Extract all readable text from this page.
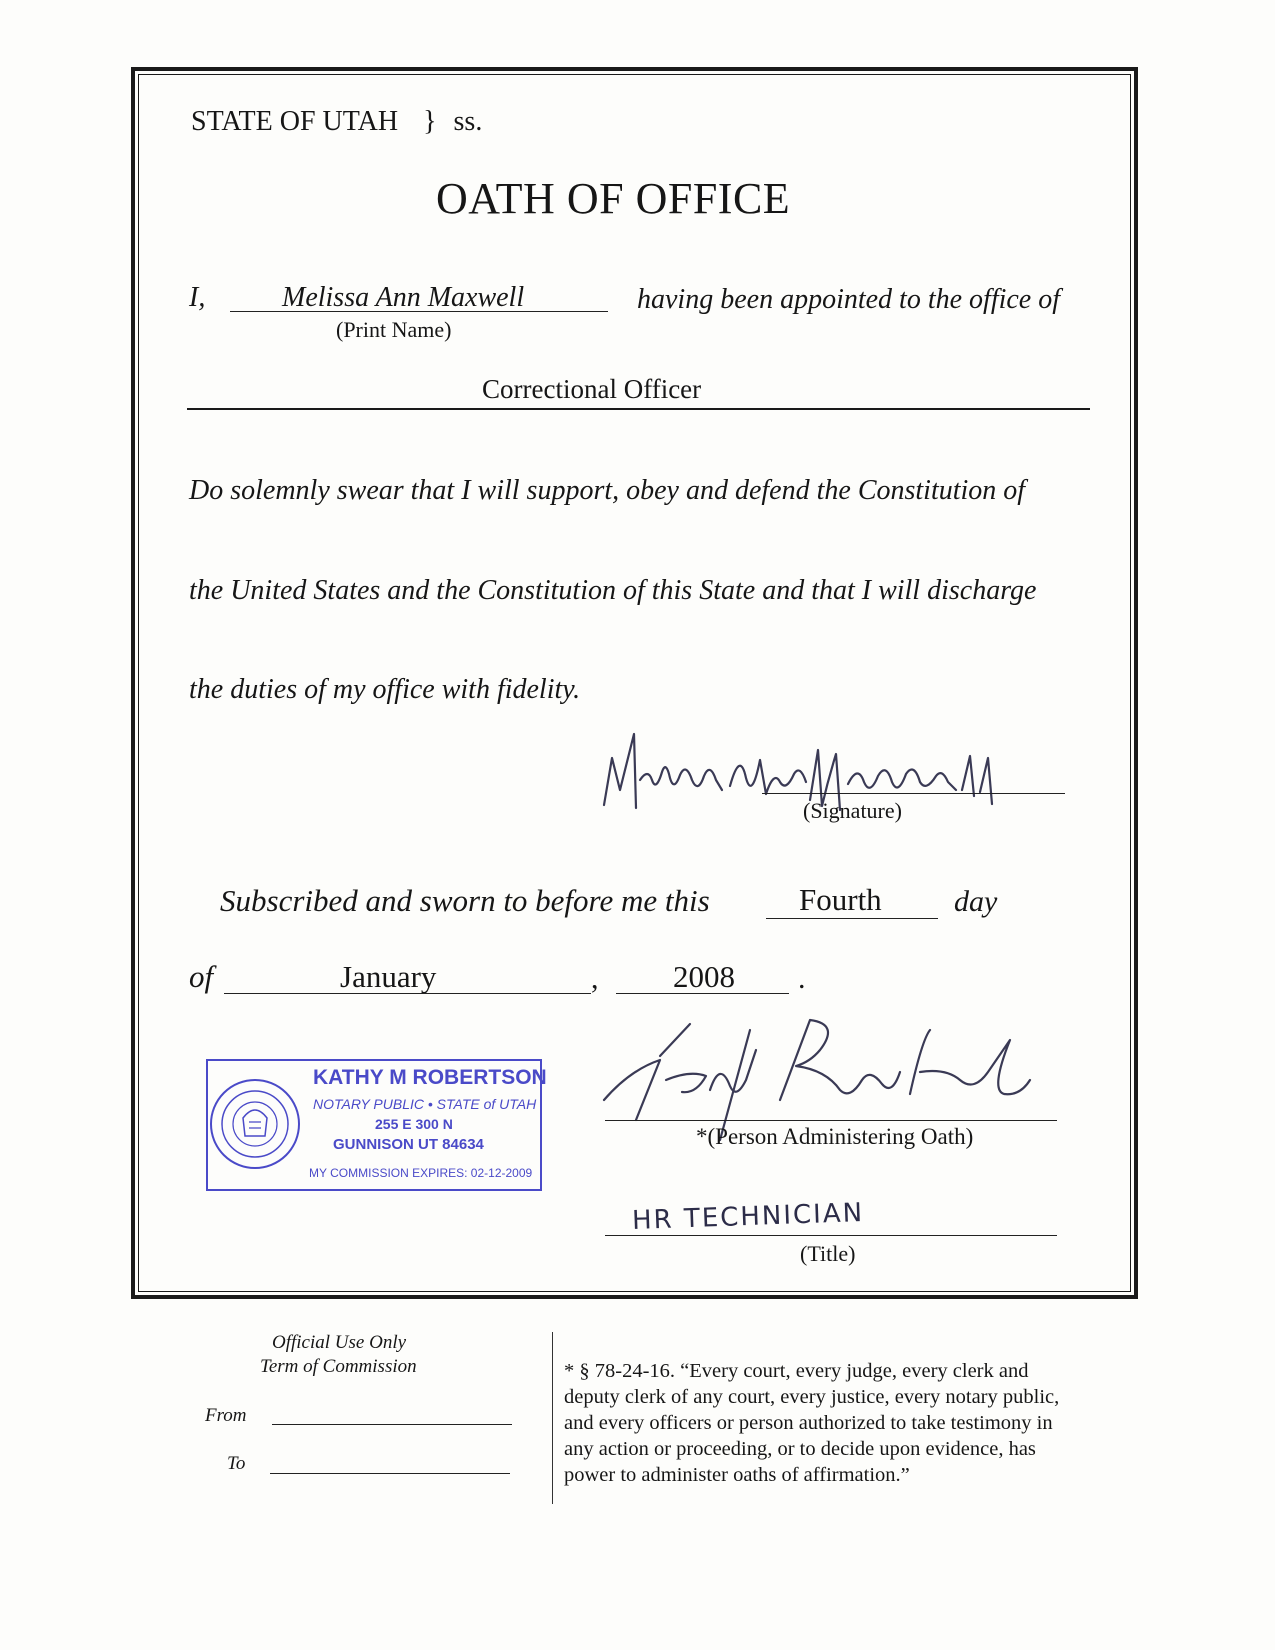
STATE OF UTAH } ss.
OATH OF OFFICE
I,	Melissa Ann Maxwell
(Print Name)
having been appointed to the office of
Correctional Officer
Do solemnly swear that I will support, obey and defend the Constitution of
the United States and the Constitution of this State and that I will discharge
the duties of my office with fidelity.
(Signature)
Subscribed and sworn to before me this	Fourth day
of	January	, 2008 .
KATHY M ROBERTSON
NOTARY PUBLIC • STATE of UTAH
255 E 300 N
GUNNISON UT 84634
MY COMMISSION EXPIRES: 02-12-2009
*(Person Administering Oath)
HR TECHNICIAN
(Title)
Official Use Only
Term of Commission
From
To
* § 78-24-16. “Every court, every judge, every clerk and
deputy clerk of any court, every justice, every notary public,
and every officers or person authorized to take testimony in
any action or proceeding, or to decide upon evidence, has
power to administer oaths of affirmation.”
